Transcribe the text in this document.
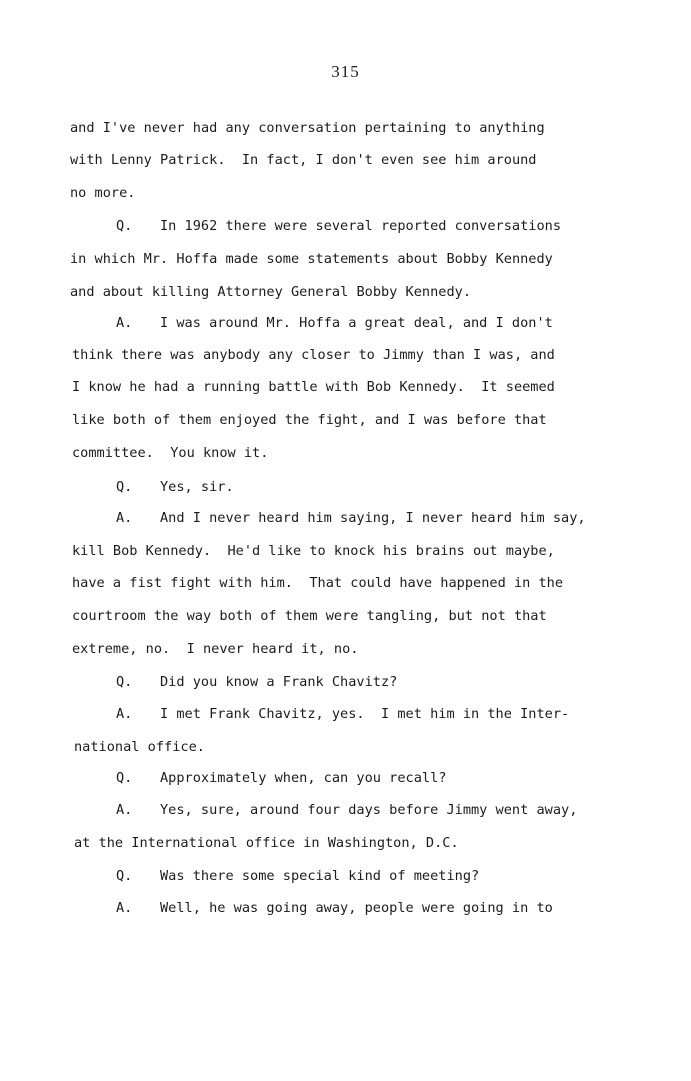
315
and I've never had any conversation pertaining to anything
with Lenny Patrick.  In fact, I don't even see him around
no more.
Q. In 1962 there were several reported conversations
in which Mr. Hoffa made some statements about Bobby Kennedy
and about killing Attorney General Bobby Kennedy.
A. I was around Mr. Hoffa a great deal, and I don't
think there was anybody any closer to Jimmy than I was, and
I know he had a running battle with Bob Kennedy.  It seemed
like both of them enjoyed the fight, and I was before that
committee.  You know it.
Q. Yes, sir.
A. And I never heard him saying, I never heard him say,
kill Bob Kennedy.  He'd like to knock his brains out maybe,
have a fist fight with him.  That could have happened in the
courtroom the way both of them were tangling, but not that
extreme, no.  I never heard it, no.
Q. Did you know a Frank Chavitz?
A. I met Frank Chavitz, yes.  I met him in the Inter-
national office.
Q. Approximately when, can you recall?
A. Yes, sure, around four days before Jimmy went away,
at the International office in Washington, D.C.
Q. Was there some special kind of meeting?
A. Well, he was going away, people were going in to
